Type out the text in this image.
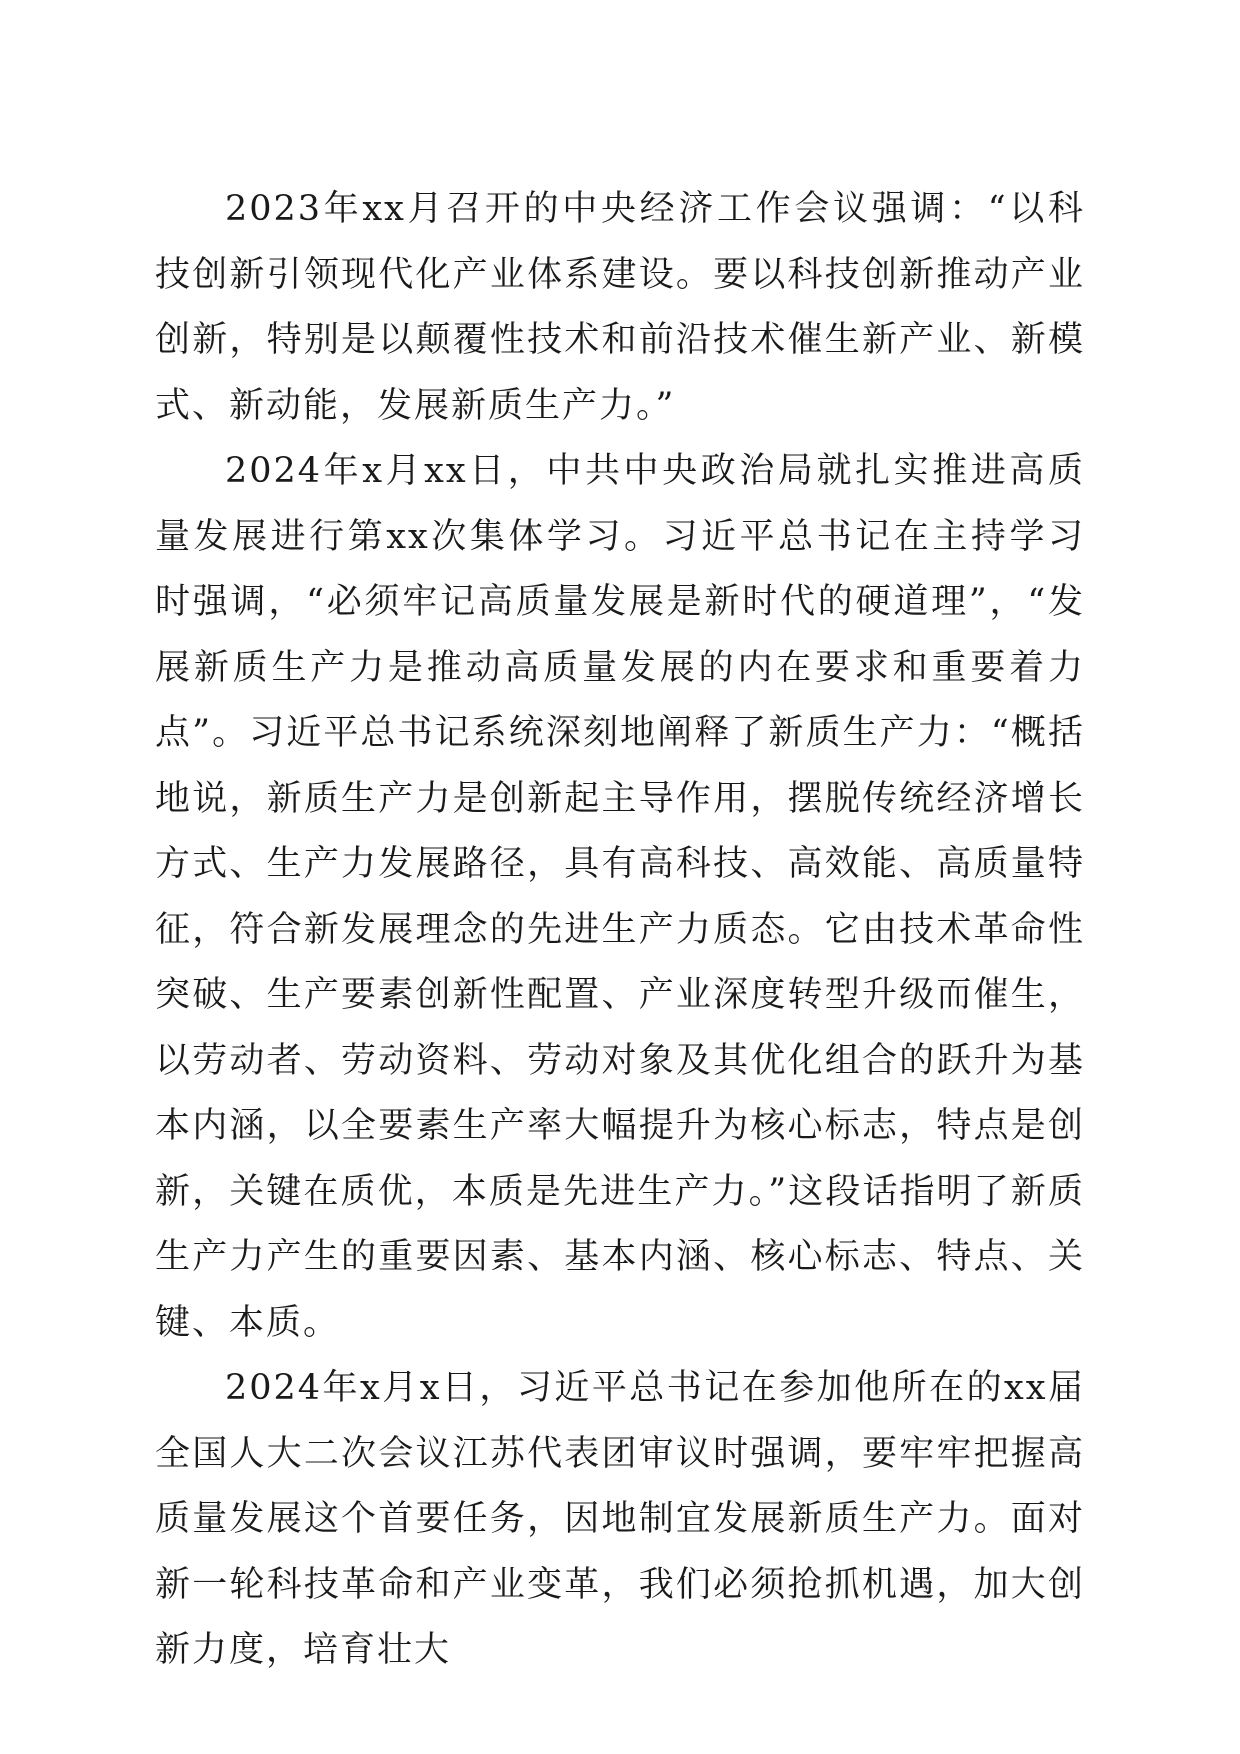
2023年xx月召开的中央经济工作会议强调：“以科技创新引领现代化产业体系建设。要以科技创新推动产业创新，特别是以颠覆性技术和前沿技术催生新产业、新模式、新动能，发展新质生产力。”

2024年x月xx日，中共中央政治局就扎实推进高质量发展进行第xx次集体学习。习近平总书记在主持学习时强调，“必须牢记高质量发展是新时代的硬道理”，“发展新质生产力是推动高质量发展的内在要求和重要着力点”。习近平总书记系统深刻地阐释了新质生产力：“概括地说，新质生产力是创新起主导作用，摆脱传统经济增长方式、生产力发展路径，具有高科技、高效能、高质量特征，符合新发展理念的先进生产力质态。它由技术革命性突破、生产要素创新性配置、产业深度转型升级而催生，以劳动者、劳动资料、劳动对象及其优化组合的跃升为基本内涵，以全要素生产率大幅提升为核心标志，特点是创新，关键在质优，本质是先进生产力。”这段话指明了新质生产力产生的重要因素、基本内涵、核心标志、特点、关键、本质。

2024年x月x日，习近平总书记在参加他所在的xx届全国人大二次会议江苏代表团审议时强调，要牢牢把握高质量发展这个首要任务，因地制宜发展新质生产力。面对新一轮科技革命和产业变革，我们必须抢抓机遇，加大创新力度，培育壮大
